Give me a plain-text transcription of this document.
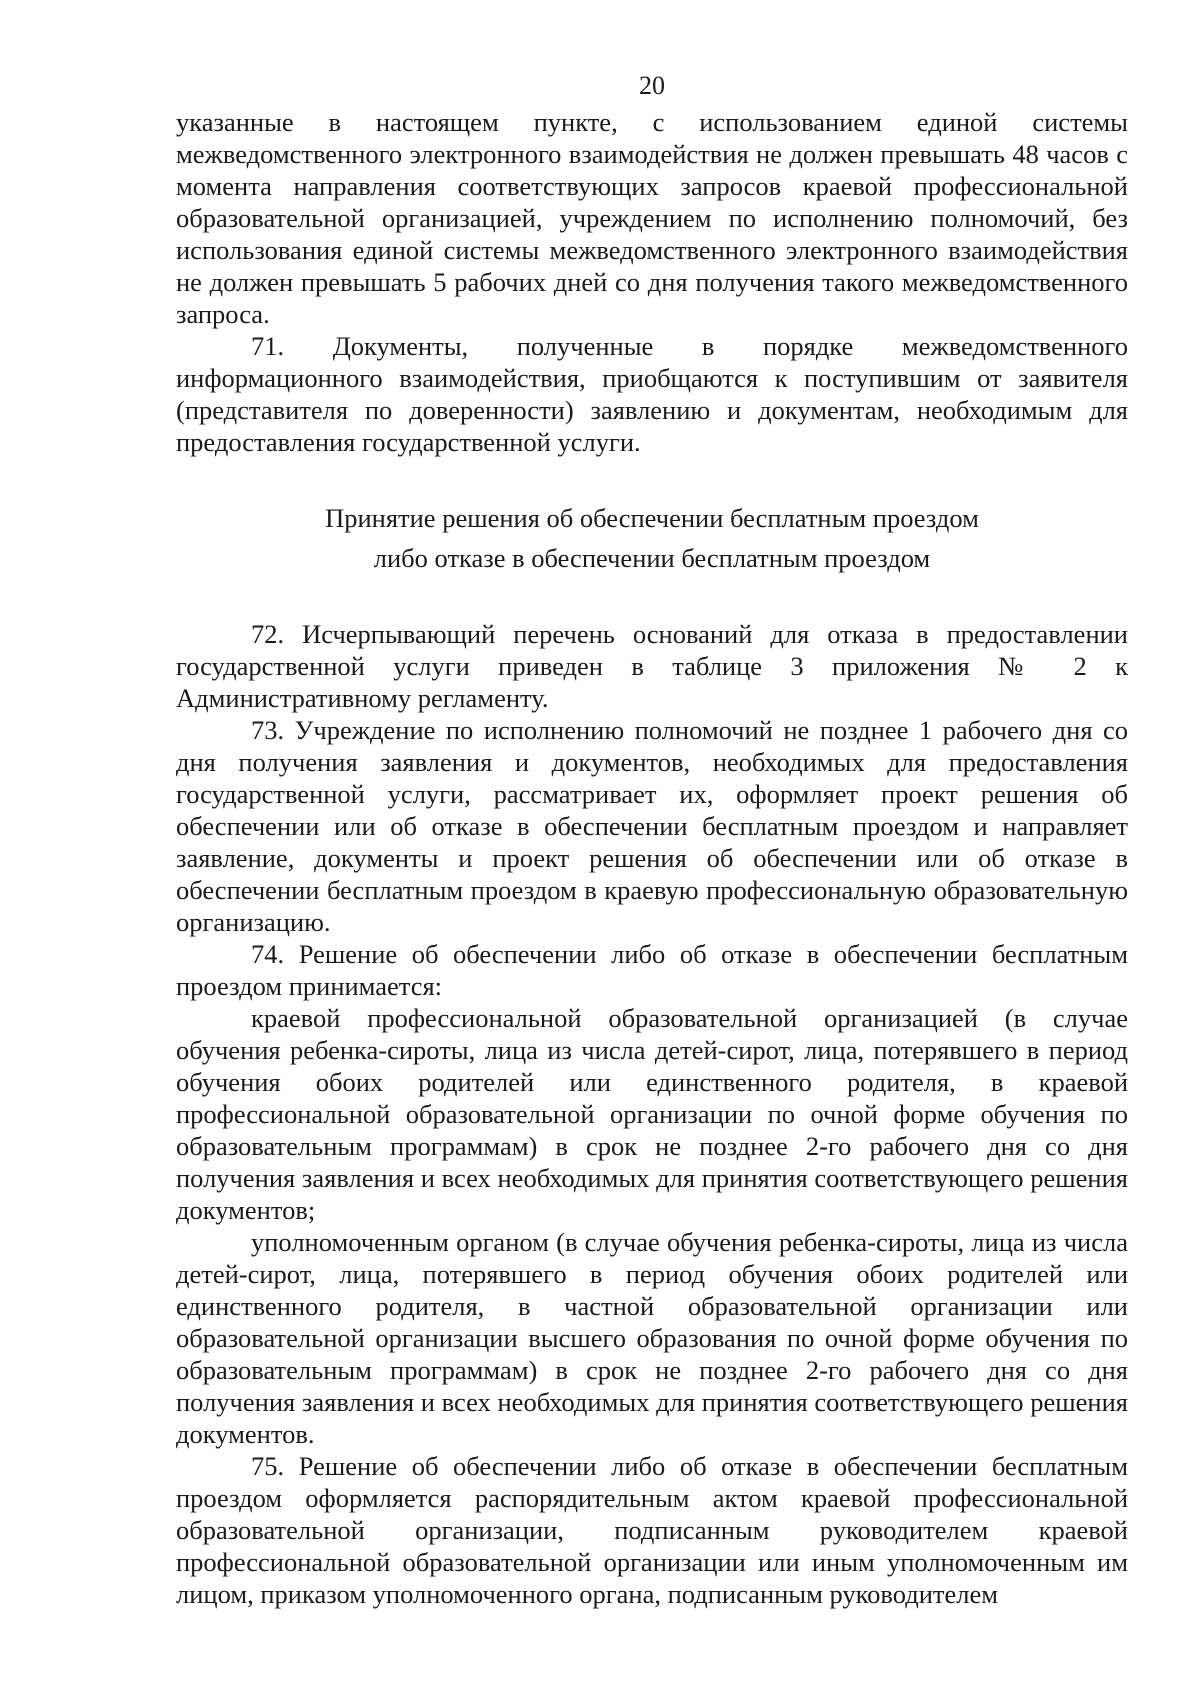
20

указанные в настоящем пункте, с использованием единой системы межведомственного электронного взаимодействия не должен превышать 48 часов с момента направления соответствующих запросов краевой профессиональной образовательной организацией, учреждением по исполнению полномочий, без использования единой системы межведомственного электронного взаимодействия не должен превышать 5 рабочих дней со дня получения такого межведомственного запроса.

71. Документы, полученные в порядке межведомственного информационного взаимодействия, приобщаются к поступившим от заявителя (представителя по доверенности) заявлению и документам, необходимым для предоставления государственной услуги.

Принятие решения об обеспечении бесплатным проездом
либо отказе в обеспечении бесплатным проездом

72. Исчерпывающий перечень оснований для отказа в предоставлении государственной услуги приведен в таблице 3 приложения № 2 к Административному регламенту.

73. Учреждение по исполнению полномочий не позднее 1 рабочего дня со дня получения заявления и документов, необходимых для предоставления государственной услуги, рассматривает их, оформляет проект решения об обеспечении или об отказе в обеспечении бесплатным проездом и направляет заявление, документы и проект решения об обеспечении или об отказе в обеспечении бесплатным проездом в краевую профессиональную образовательную организацию.

74. Решение об обеспечении либо об отказе в обеспечении бесплатным проездом принимается:

краевой профессиональной образовательной организацией (в случае обучения ребенка-сироты, лица из числа детей-сирот, лица, потерявшего в период обучения обоих родителей или единственного родителя, в краевой профессиональной образовательной организации по очной форме обучения по образовательным программам) в срок не позднее 2-го рабочего дня со дня получения заявления и всех необходимых для принятия соответствующего решения документов;

уполномоченным органом (в случае обучения ребенка-сироты, лица из числа детей-сирот, лица, потерявшего в период обучения обоих родителей или единственного родителя, в частной образовательной организации или образовательной организации высшего образования по очной форме обучения по образовательным программам) в срок не позднее 2-го рабочего дня со дня получения заявления и всех необходимых для принятия соответствующего решения документов.

75. Решение об обеспечении либо об отказе в обеспечении бесплатным проездом оформляется распорядительным актом краевой профессиональной образовательной организации, подписанным руководителем краевой профессиональной образовательной организации или иным уполномоченным им лицом, приказом уполномоченного органа, подписанным руководителем
